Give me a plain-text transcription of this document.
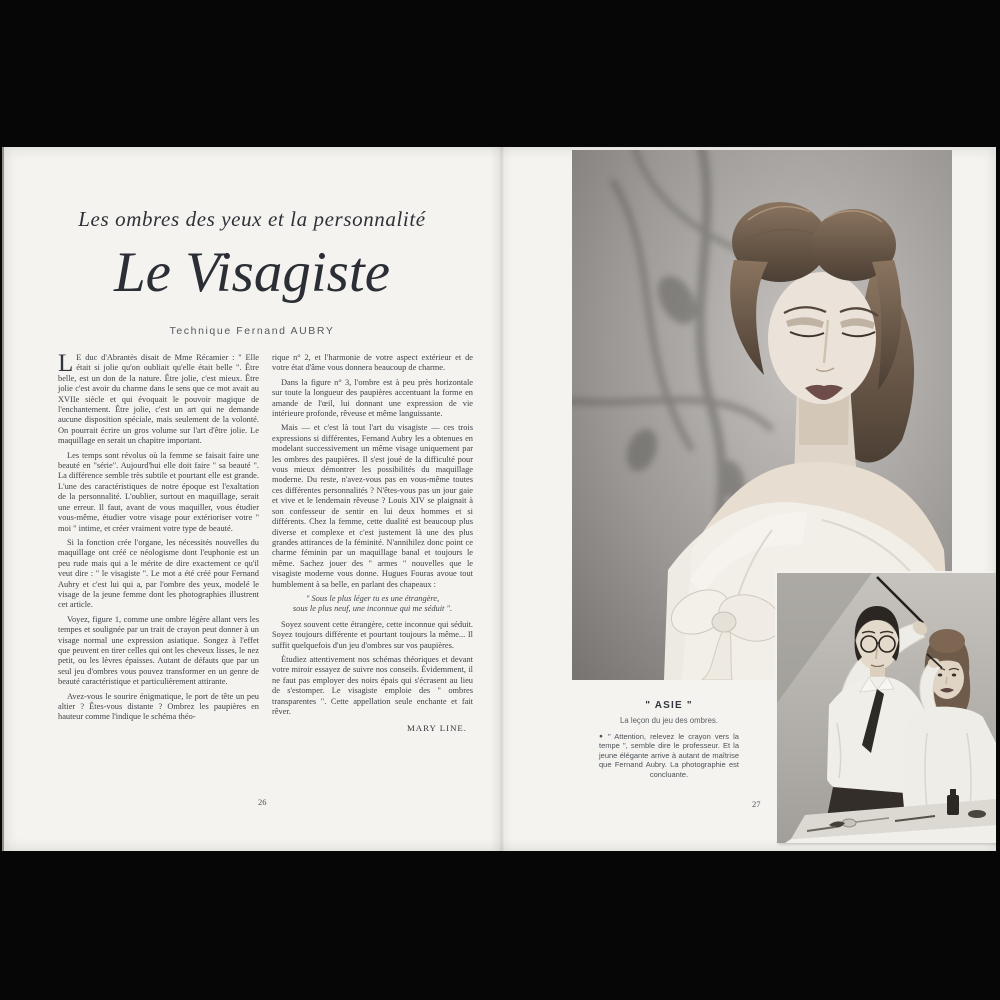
Les ombres des yeux et la personnalité
Le Visagiste
Technique Fernand AUBRY

L E duc d'Abrantès disait de Mme Récamier : " Elle était si jolie qu'on oubliait qu'elle était belle ". Être belle, est un don de la nature. Être jolie, c'est mieux. Être jolie c'est avoir du charme dans le sens que ce mot avait au XVIIe siècle et qui évoquait le pouvoir magique de l'enchantement. Être jolie, c'est un art qui ne demande aucune disposition spéciale, mais seulement de la volonté. On pourrait écrire un gros volume sur l'art d'être jolie. Le maquillage en serait un chapitre important.

Les temps sont révolus où la femme se faisait faire une beauté en "série". Aujourd'hui elle doit faire " sa beauté ". La différence semble très subtile et pourtant elle est grande. L'une des caractéristiques de notre époque est l'exaltation de la personnalité. L'oublier, surtout en maquillage, serait une erreur. Il faut, avant de vous maquiller, vous étudier vous-même, étudier votre visage pour extérioriser votre " moi " intime, et créer vraiment votre type de beauté.

Si la fonction crée l'organe, les nécessités nouvelles du maquillage ont créé ce néologisme dont l'euphonie est un peu rude mais qui a le mérite de dire exactement ce qu'il veut dire : " le visagiste ". Le mot a été créé pour Fernand Aubry et c'est lui qui a, par l'ombre des yeux, modelé le visage de la jeune femme dont les photographies illustrent cet article.

Voyez, figure 1, comme une ombre légère allant vers les tempes et soulignée par un trait de crayon peut donner à un visage normal une expression asiatique. Songez à l'effet que peuvent en tirer celles qui ont les cheveux lisses, le nez petit, ou les lèvres épaisses. Autant de défauts que par un seul jeu d'ombres vous pouvez transformer en un genre de beauté caractéristique et particulièrement attirante.

Avez-vous le sourire énigmatique, le port de tête un peu altier ? Êtes-vous distante ? Ombrez les paupières en hauteur comme l'indique le schéma théo-

rique n° 2, et l'harmonie de votre aspect extérieur et de votre état d'âme vous donnera beaucoup de charme.

Dans la figure n° 3, l'ombre est à peu près horizontale sur toute la longueur des paupières accentuant la forme en amande de l'œil, lui donnant une expression de vie intérieure profonde, rêveuse et même languissante.

Mais — et c'est là tout l'art du visagiste — ces trois expressions si différentes, Fernand Aubry les a obtenues en modelant successivement un même visage uniquement par les ombres des paupières. Il s'est joué de la difficulté pour vous mieux démontrer les possibilités du maquillage moderne. Du reste, n'avez-vous pas en vous-même toutes ces différentes personnalités ? N'êtes-vous pas un jour gaie et vive et le lendemain rêveuse ? Louis XIV se plaignait à son confesseur de sentir en lui deux hommes et si différents. Chez la femme, cette dualité est beaucoup plus diverse et complexe et c'est justement là une des plus grandes attirances de la féminité. N'annihilez donc point ce charme féminin par un maquillage banal et toujours le même. Sachez jouer des " armes " nouvelles que le visagiste moderne vous donne. Hugues Fouras avoue tout humblement à sa belle, en parlant des chapeaux :

" Sous le plus léger tu es une étrangère,
sous le plus neuf, une inconnue qui me séduit ".

Soyez souvent cette étrangère, cette inconnue qui séduit. Soyez toujours différente et pourtant toujours la même... Il suffit quelquefois d'un jeu d'ombres sur vos paupières.

Étudiez attentivement nos schémas théoriques et devant votre miroir essayez de suivre nos conseils. Évidemment, il ne faut pas employer des noirs épais qui s'écrasent au lieu de s'estomper. Le visagiste emploie des " ombres transparentes ". Cette appellation seule enchante et fait rêver.

MARY LINE.

26
" ASIE "
La leçon du jeu des ombres.
● " Attention, relevez le crayon vers la tempe ", semble dire le professeur. Et la jeune élégante arrive à autant de maîtrise que Fernand Aubry. La photographie est concluante.
27
